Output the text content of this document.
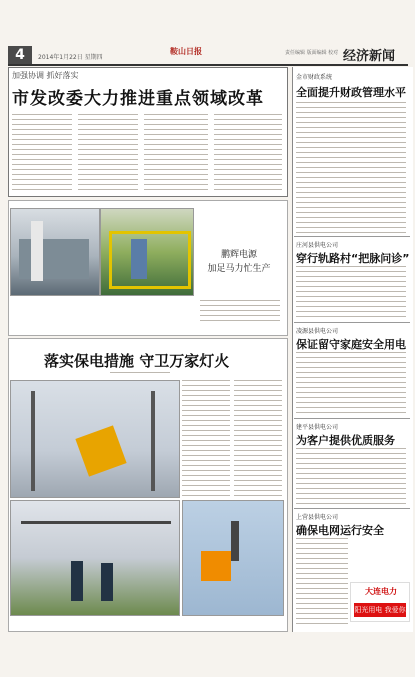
4	2014年1月22日 星期四
鞍山日报	责任编辑 版面编辑 校对 经济新闻
加强协调 抓好落实
市发改委大力推进重点领域改革
鹏辉电源
加足马力忙生产
落实保电措施 守卫万家灯火
金市财政系统
全面提升财政管理水平
庄河县供电公司
穿行轨路村“把脉问诊”
凌源县供电公司
保证留守家庭安全用电
建平县供电公司
为客户提供优质服务
上营县供电公司
确保电网运行安全
大连电力
阳光用电 我爱你
